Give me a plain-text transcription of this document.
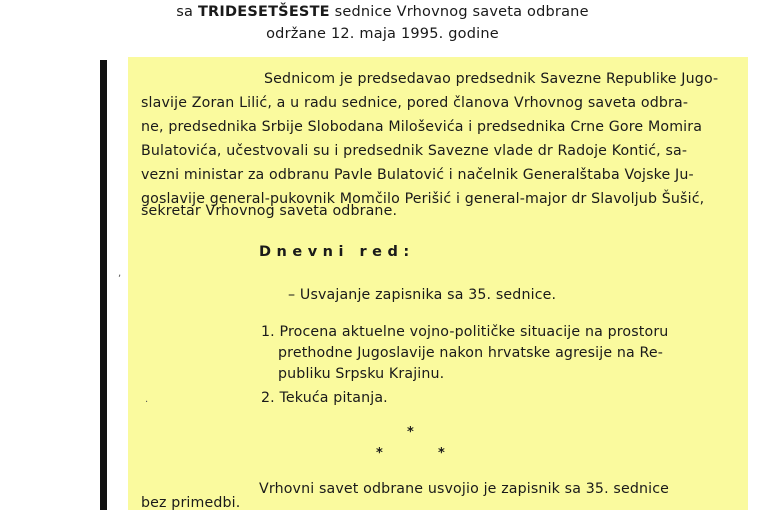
sa TRIDESETŠESTE sednice Vrhovnog saveta odbrane
održane 12. maja 1995. godine
Sednicom je predsedavao predsednik Savezne Republike Jugo-
slavije Zoran Lilić, a u radu sednice, pored članova Vrhovnog saveta odbra-
ne, predsednika Srbije Slobodana Miloševića i predsednika Crne Gore Momira
Bulatovića, učestvovali su i predsednik Savezne vlade dr Radoje Kontić, sa-
vezni ministar za odbranu Pavle Bulatović i načelnik Generalštaba Vojske Ju-
goslavije general-pukovnik Momčilo Perišić i general-major dr Slavoljub Šušić,
sekretar Vrhovnog saveta odbrane.
Dnevni red:
– Usvajanje zapisnika sa 35. sednice.
1. Procena aktuelne vojno-političke situacije na prostoru
prethodne Jugoslavije nakon hrvatske agresije na Re-
publiku Srpsku Krajinu.
2. Tekuća pitanja.
*
*	*
Vrhovni savet odbrane usvojio je zapisnik sa 35. sednice
bez primedbi.
,
.
